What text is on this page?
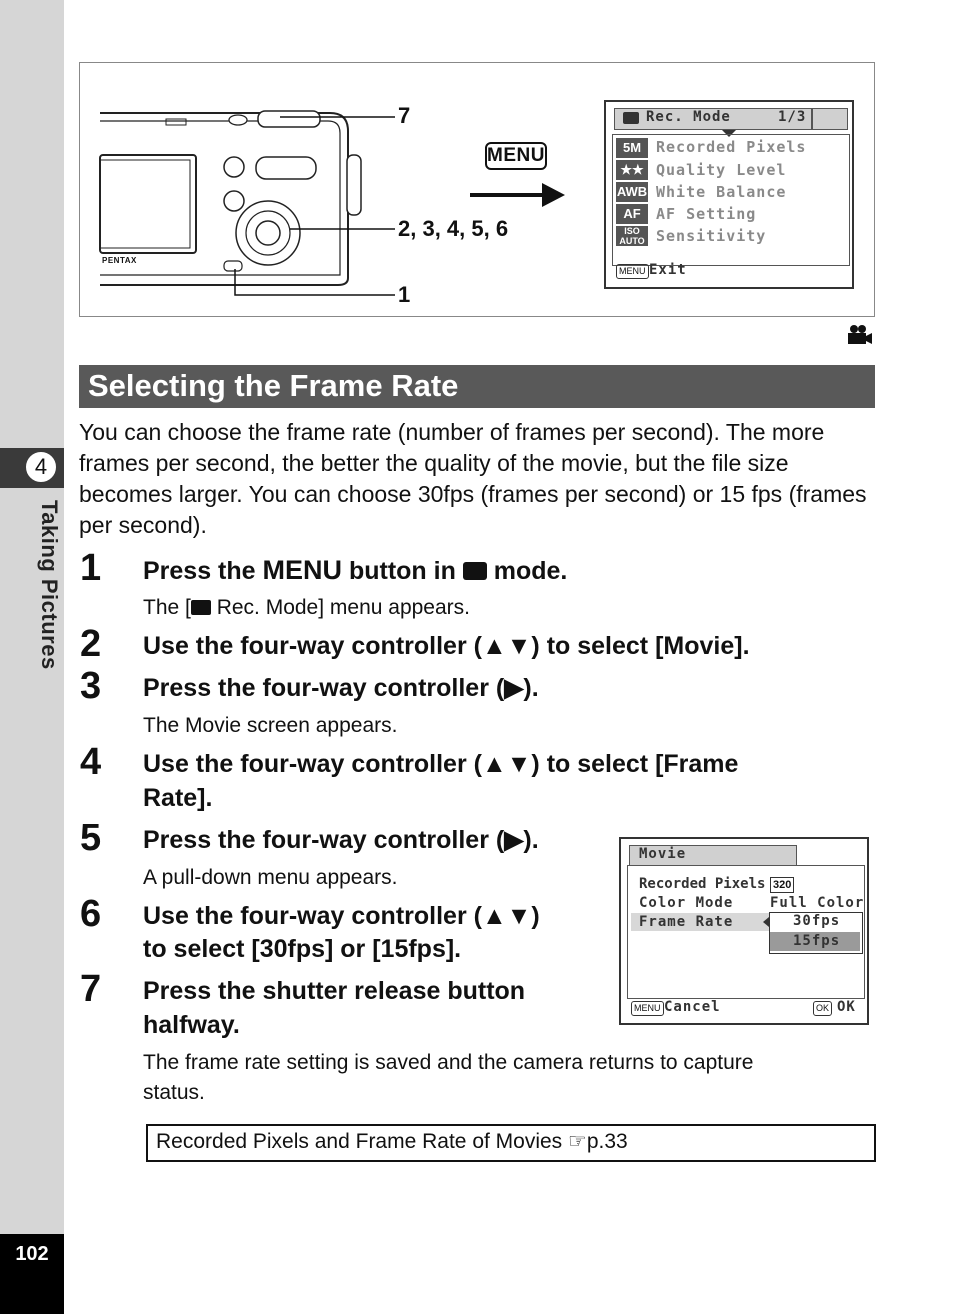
4
Taking Pictures
102
PENTAX
7
2, 3, 4, 5, 6
1
MENU
Rec. Mode	1/3
5M Recorded Pixels
★★ Quality Level
AWB White Balance
AF	AF Setting
ISO AUTO Sensitivity
MENU Exit
Selecting the Frame Rate
You can choose the frame rate (number of frames per second). The more frames per second, the better the quality of the movie, but the file size becomes larger. You can choose 30fps (frames per second) or 15 fps (frames per second).
1 Press the MENU button in  mode.
The [ Rec. Mode] menu appears.
2 Use the four-way controller (▲▼) to select [Movie].
3 Press the four-way controller (▶).
The Movie screen appears.
4 Use the four-way controller (▲▼) to select [Frame
Rate].
5 Press the four-way controller (▶).
A pull-down menu appears.
6 Use the four-way controller (▲▼)
to select [30fps] or [15fps].
7 Press the shutter release button
halfway.
The frame rate setting is saved and the camera returns to capture
status.
Movie
Recorded Pixels 320
Color Mode	Full Color
Frame Rate	30fps
15fps
MENU Cancel	OK OK
Recorded Pixels and Frame Rate of Movies ☞p.33
